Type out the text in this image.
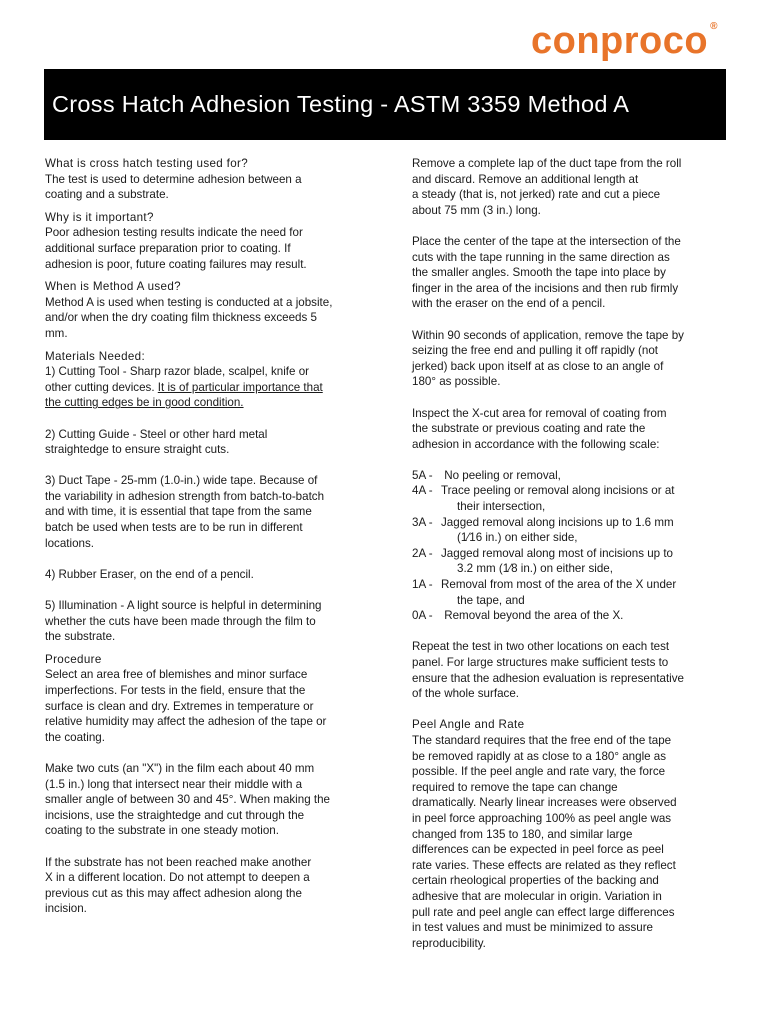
conproco ®
Cross Hatch Adhesion Testing - ASTM 3359 Method A
What is cross hatch testing used for?
The test is used to determine adhesion between a
coating and a substrate.
Why is it important?
Poor adhesion testing results indicate the need for
additional surface preparation prior to coating. If
adhesion is poor, future coating failures may result.
When is Method A used?
Method A is used when testing is conducted at a jobsite,
and/or when the dry coating film thickness exceeds 5
mm.
Materials Needed:
1) Cutting Tool - Sharp razor blade, scalpel, knife or
other cutting devices. It is of particular importance that
the cutting edges be in good condition.
2) Cutting Guide - Steel or other hard metal
straightedge to ensure straight cuts.
3) Duct Tape - 25-mm (1.0-in.) wide tape. Because of
the variability in adhesion strength from batch-to-batch
and with time, it is essential that tape from the same
batch be used when tests are to be run in different
locations.
4) Rubber Eraser, on the end of a pencil.
5) Illumination - A light source is helpful in determining
whether the cuts have been made through the film to
the substrate.
Procedure
Select an area free of blemishes and minor surface
imperfections. For tests in the field, ensure that the
surface is clean and dry. Extremes in temperature or
relative humidity may affect the adhesion of the tape or
the coating.
Make two cuts (an "X") in the film each about 40 mm
(1.5 in.) long that intersect near their middle with a
smaller angle of between 30 and 45°. When making the
incisions, use the straightedge and cut through the
coating to the substrate in one steady motion.
If the substrate has not been reached make another
X in a different location. Do not attempt to deepen a
previous cut as this may affect adhesion along the
incision.
Remove a complete lap of the duct tape from the roll
and discard. Remove an additional length at
a steady (that is, not jerked) rate and cut a piece
about 75 mm (3 in.) long.
Place the center of the tape at the intersection of the
cuts with the tape running in the same direction as
the smaller angles. Smooth the tape into place by
finger in the area of the incisions and then rub firmly
with the eraser on the end of a pencil.
Within 90 seconds of application, remove the tape by
seizing the free end and pulling it off rapidly (not
jerked) back upon itself at as close to an angle of
180° as possible.
Inspect the X-cut area for removal of coating from
the substrate or previous coating and rate the
adhesion in accordance with the following scale:
5A - No peeling or removal,
4A - Trace peeling or removal along incisions or at
their intersection,
3A - Jagged removal along incisions up to 1.6 mm
(1⁄16 in.) on either side,
2A - Jagged removal along most of incisions up to
3.2 mm (1⁄8 in.) on either side,
1A - Removal from most of the area of the X under
the tape, and
0A - Removal beyond the area of the X.
Repeat the test in two other locations on each test
panel. For large structures make sufficient tests to
ensure that the adhesion evaluation is representative
of the whole surface.
Peel Angle and Rate
The standard requires that the free end of the tape
be removed rapidly at as close to a 180° angle as
possible. If the peel angle and rate vary, the force
required to remove the tape can change
dramatically. Nearly linear increases were observed
in peel force approaching 100% as peel angle was
changed from 135 to 180, and similar large
differences can be expected in peel force as peel
rate varies. These effects are related as they reflect
certain rheological properties of the backing and
adhesive that are molecular in origin. Variation in
pull rate and peel angle can effect large differences
in test values and must be minimized to assure
reproducibility.
